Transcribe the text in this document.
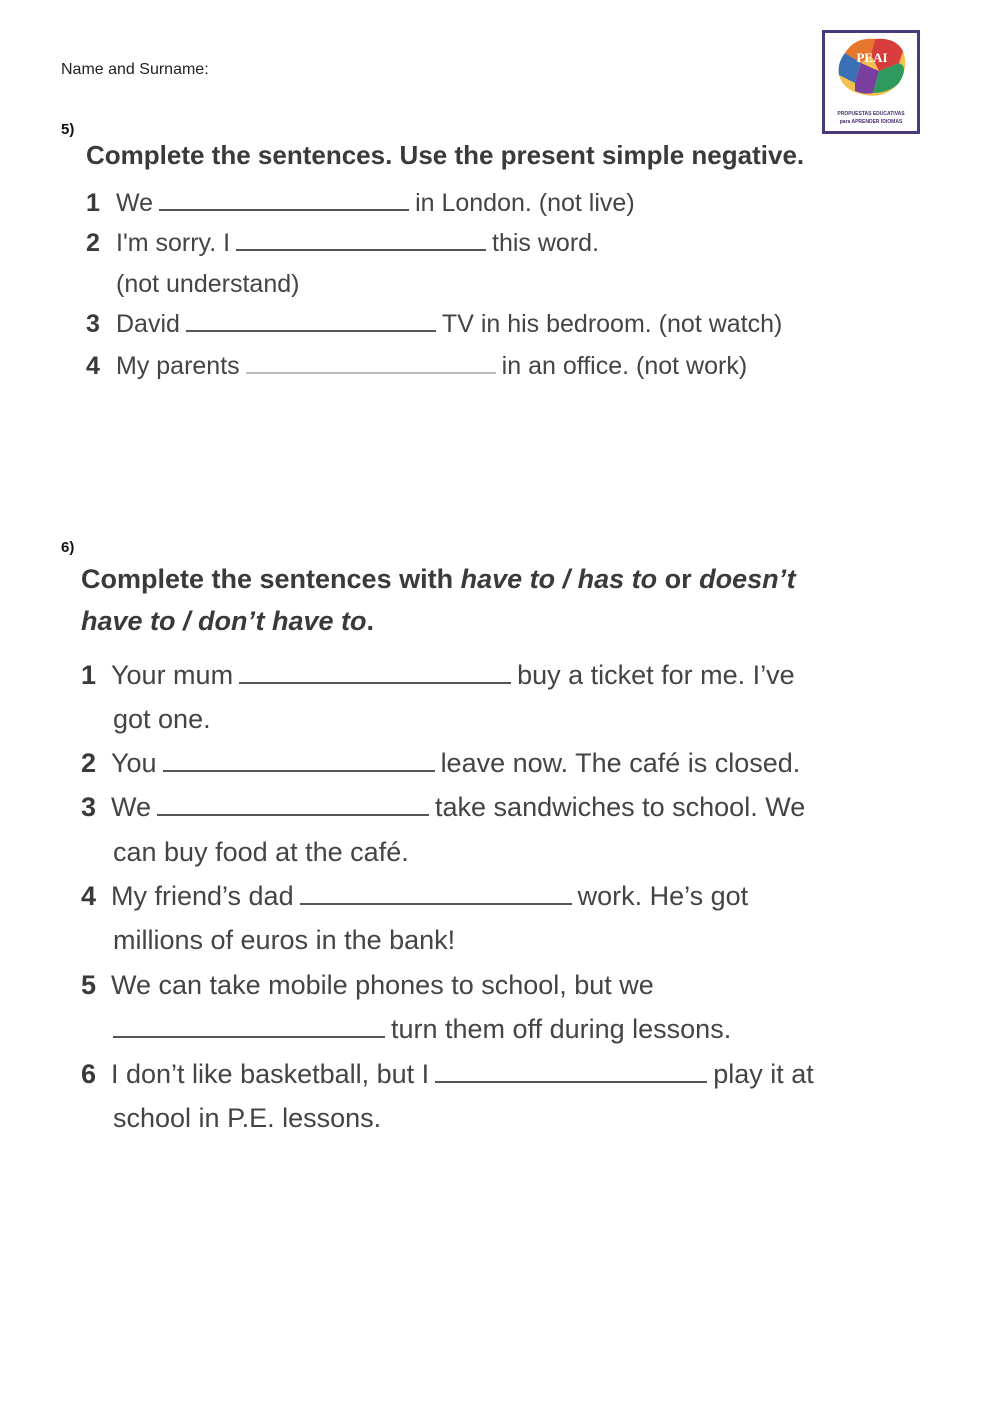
Name and Surname:
PEAI
PROPUESTAS EDUCATIVAS
para APRENDER IDIOMAS
5)
Complete the sentences. Use the present simple negative.
1 We	in London. (not live)
2 I'm sorry. I	this word.
(not understand)
3 David	TV in his bedroom. (not watch)
4 My parents	in an office. (not work)
6)
Complete the sentences with have to / has to or doesn’t
have to / don’t have to.
1 Your mum	buy a ticket for me. I’ve
got one.
2 You	leave now. The café is closed.
3 We	take sandwiches to school. We
can buy food at the café.
4 My friend’s dad	work. He’s got
millions of euros in the bank!
5 We can take mobile phones to school, but we
turn them off during lessons.
6 I don’t like basketball, but I	play it at
school in P.E. lessons.
